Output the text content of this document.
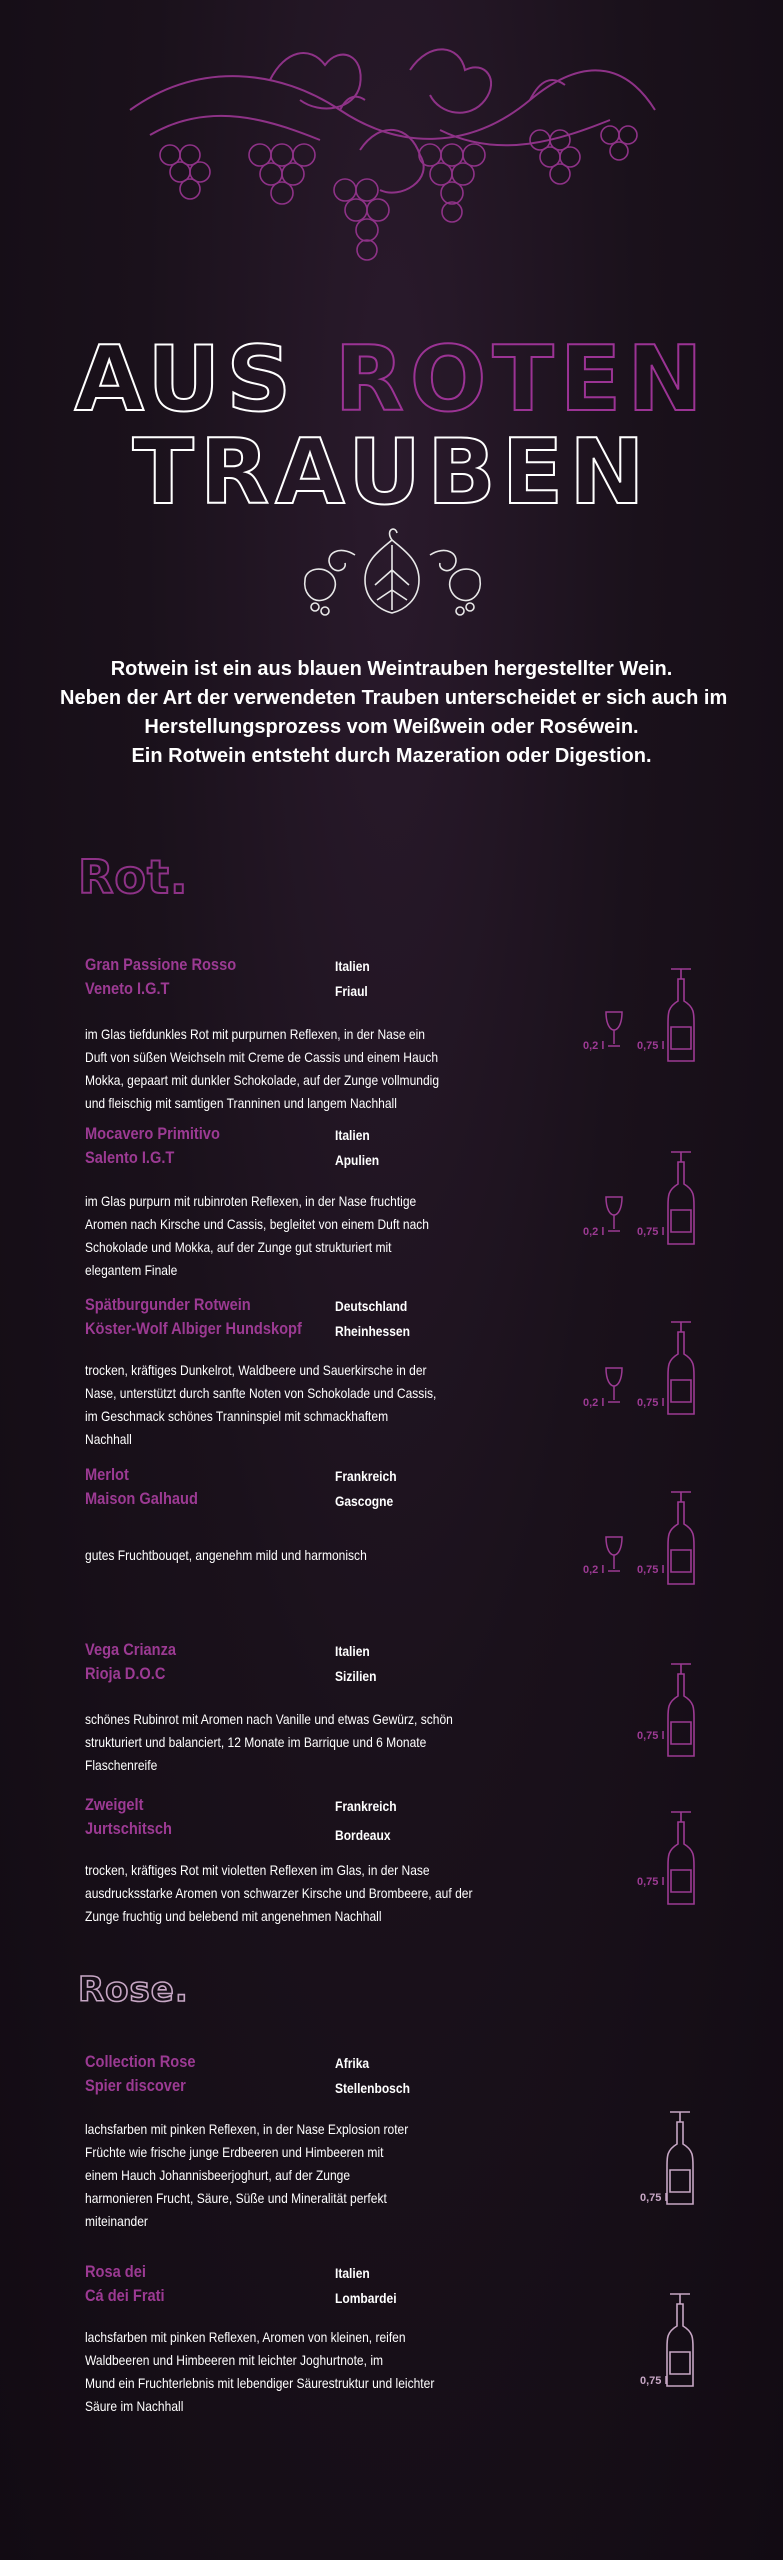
AUS ROTEN
TRAUBEN
Rotwein ist ein aus blauen Weintrauben hergestellter Wein.
Neben der Art der verwendeten Trauben unterscheidet er sich auch im
Herstellungsprozess vom Weißwein oder Roséwein.
Ein Rotwein entsteht durch Mazeration oder Digestion.
Rot.
Gran Passione Rosso
Veneto I.G.T
Italien
Friaul
im Glas tiefdunkles Rot mit purpurnen Reflexen, in der Nase ein
Duft von süßen Weichseln mit Creme de Cassis und einem Hauch
Mokka, gepaart mit dunkler Schokolade, auf der Zunge vollmundig
und fleischig mit samtigen Tranninen und langem Nachhall
Mocavero Primitivo
Salento I.G.T
Italien
Apulien
im Glas purpurn mit rubinroten Reflexen, in der Nase fruchtige
Aromen nach Kirsche und Cassis, begleitet von einem Duft nach
Schokolade und Mokka, auf der Zunge gut strukturiert mit
elegantem Finale
Spätburgunder Rotwein
Köster-Wolf Albiger Hundskopf
Deutschland
Rheinhessen
trocken, kräftiges Dunkelrot, Waldbeere und Sauerkirsche in der
Nase, unterstützt durch sanfte Noten von Schokolade und Cassis,
im Geschmack schönes Tranninspiel mit schmackhaftem
Nachhall
Merlot
Maison Galhaud
Frankreich
Gascogne
gutes Fruchtbouqet, angenehm mild und harmonisch
Vega Crianza
Rioja D.O.C
Italien
Sizilien
schönes Rubinrot mit Aromen nach Vanille und etwas Gewürz, schön
strukturiert und balanciert, 12 Monate im Barrique und 6 Monate
Flaschenreife
Zweigelt
Jurtschitsch
Frankreich
Bordeaux
trocken, kräftiges Rot mit violetten Reflexen im Glas, in der Nase
ausdrucksstarke Aromen von schwarzer Kirsche und Brombeere, auf der
Zunge fruchtig und belebend mit angenehmen Nachhall
Rose.
Collection Rose
Spier discover
Afrika
Stellenbosch
lachsfarben mit pinken Reflexen, in der Nase Explosion roter
Früchte wie frische junge Erdbeeren und Himbeeren mit
einem Hauch Johannisbeerjoghurt, auf der Zunge
harmonieren Frucht, Säure, Süße und Mineralität perfekt
miteinander
Rosa dei
Cá dei Frati
Italien
Lombardei
lachsfarben mit pinken Reflexen, Aromen von kleinen, reifen
Waldbeeren und Himbeeren mit leichter Joghurtnote, im
Mund ein Fruchterlebnis mit lebendiger Säurestruktur und leichter
Säure im Nachhall
0,2 l	0,75 l
0,2 l	0,75 l
0,2 l	0,75 l
0,2 l	0,75 l
0,75 l
0,75 l
0,75 l
0,75 l
